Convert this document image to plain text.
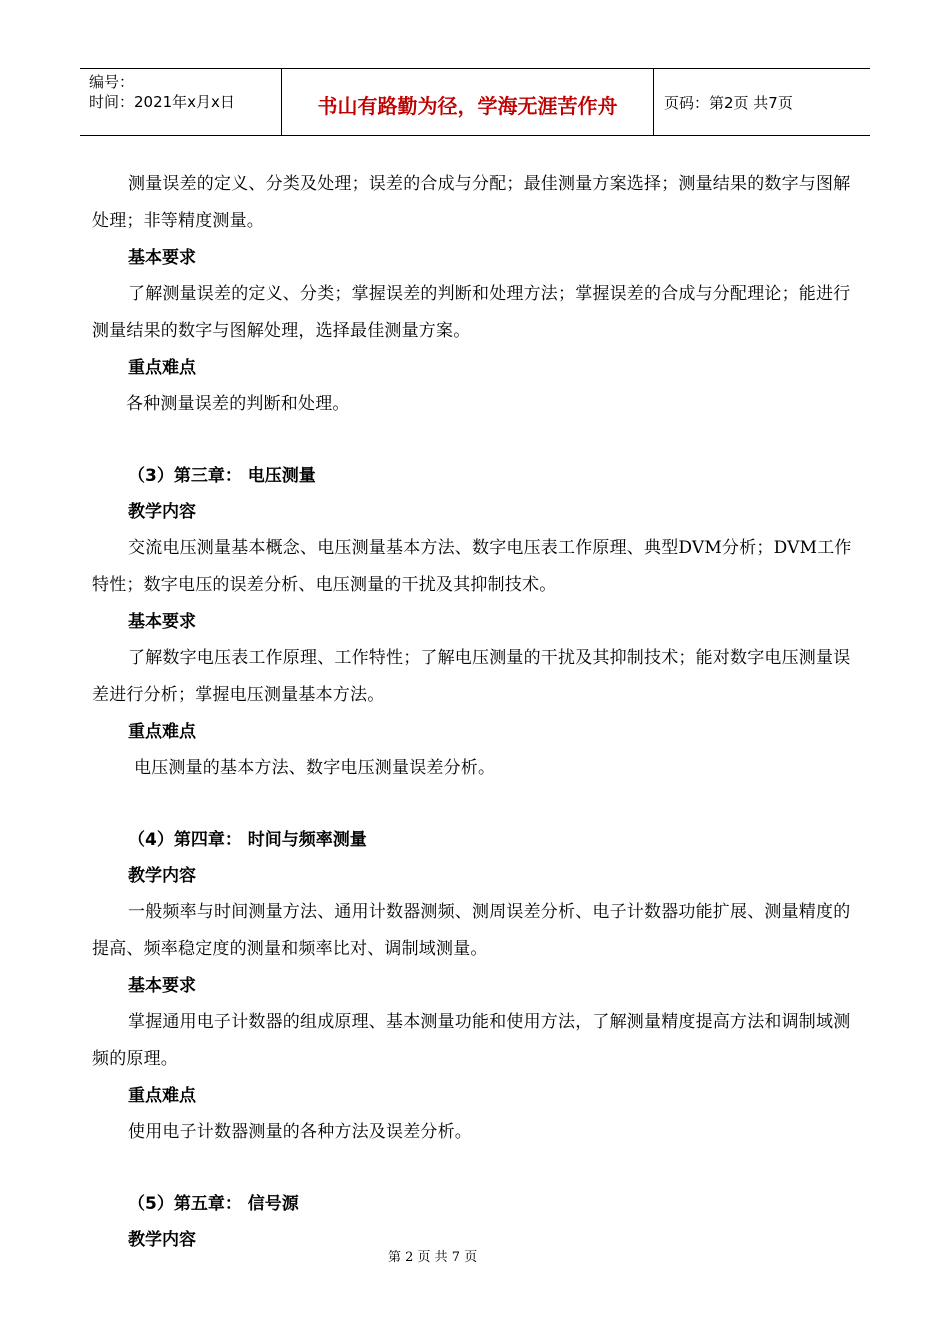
编号：
时间：2021年x月x日	书山有路勤为径，学海无涯苦作舟	页码：第2页 共7页

测量误差的定义、分类及处理；误差的合成与分配；最佳测量方案选择；测量结果的数字与图解处理；非等精度测量。

基本要求

了解测量误差的定义、分类；掌握误差的判断和处理方法；掌握误差的合成与分配理论；能进行测量结果的数字与图解处理，选择最佳测量方案。

重点难点

各种测量误差的判断和处理。

（3）第三章： 电压测量

教学内容

交流电压测量基本概念、电压测量基本方法、数字电压表工作原理、典型DVM分析；DVM工作特性；数字电压的误差分析、电压测量的干扰及其抑制技术。

基本要求

了解数字电压表工作原理、工作特性；了解电压测量的干扰及其抑制技术；能对数字电压测量误差进行分析；掌握电压测量基本方法。

重点难点

电压测量的基本方法、数字电压测量误差分析。

（4）第四章： 时间与频率测量

教学内容

一般频率与时间测量方法、通用计数器测频、测周误差分析、电子计数器功能扩展、测量精度的提高、频率稳定度的测量和频率比对、调制域测量。

基本要求

掌握通用电子计数器的组成原理、基本测量功能和使用方法，了解测量精度提高方法和调制域测频的原理。

重点难点

使用电子计数器测量的各种方法及误差分析。

（5）第五章： 信号源

教学内容

第 2 页 共 7 页
